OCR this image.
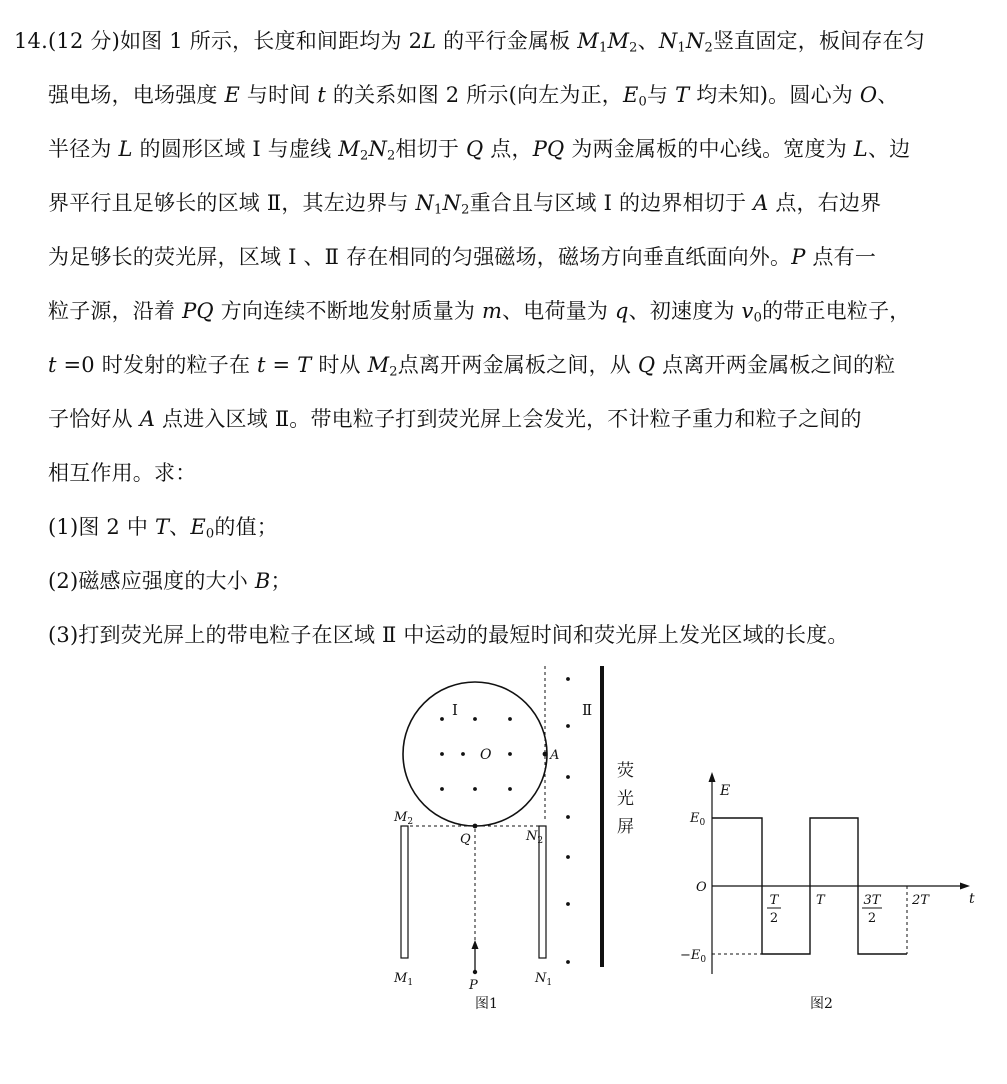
14.(12 分)如图 1 所示，长度和间距均为 2L 的平行金属板 $M_1M_2$、$N_1N_2$竖直固定，板间存在匀
强电场，电场强度 E 与时间 t 的关系如图 2 所示(向左为正，$E_0$与 T 均未知)。圆心为 O、
半径为 L 的圆形区域 Ⅰ 与虚线 $M_2N_2$相切于 Q 点，PQ 为两金属板的中心线。宽度为 L、边
界平行且足够长的区域 Ⅱ，其左边界与 $N_1N_2$重合且与区域 Ⅰ 的边界相切于 A 点，右边界
为足够长的荧光屏，区域 Ⅰ 、Ⅱ 存在相同的匀强磁场，磁场方向垂直纸面向外。P 点有一
粒子源，沿着 PQ 方向连续不断地发射质量为 m、电荷量为 q、初速度为 $v_0$的带正电粒子，
t =0 时发射的粒子在 t = T 时从 $M_2$点离开两金属板之间，从 Q 点离开两金属板之间的粒
子恰好从 A 点进入区域 Ⅱ。带电粒子打到荧光屏上会发光，不计粒子重力和粒子之间的
相互作用。求：
(1)图 2 中 T、$E_0$的值；
(2)磁感应强度的大小 B；
(3)打到荧光屏上的带电粒子在区域 Ⅱ 中运动的最短时间和荧光屏上发光区域的长度。
Ⅰ
O	A
Q
P
$M_2$
$N_2$
$M_1$	$N_1$
Ⅱ
荧
光
屏
图1
E
t
O
$E_0$
$-E_0$
T
2
T	3T
2
2T
图2
